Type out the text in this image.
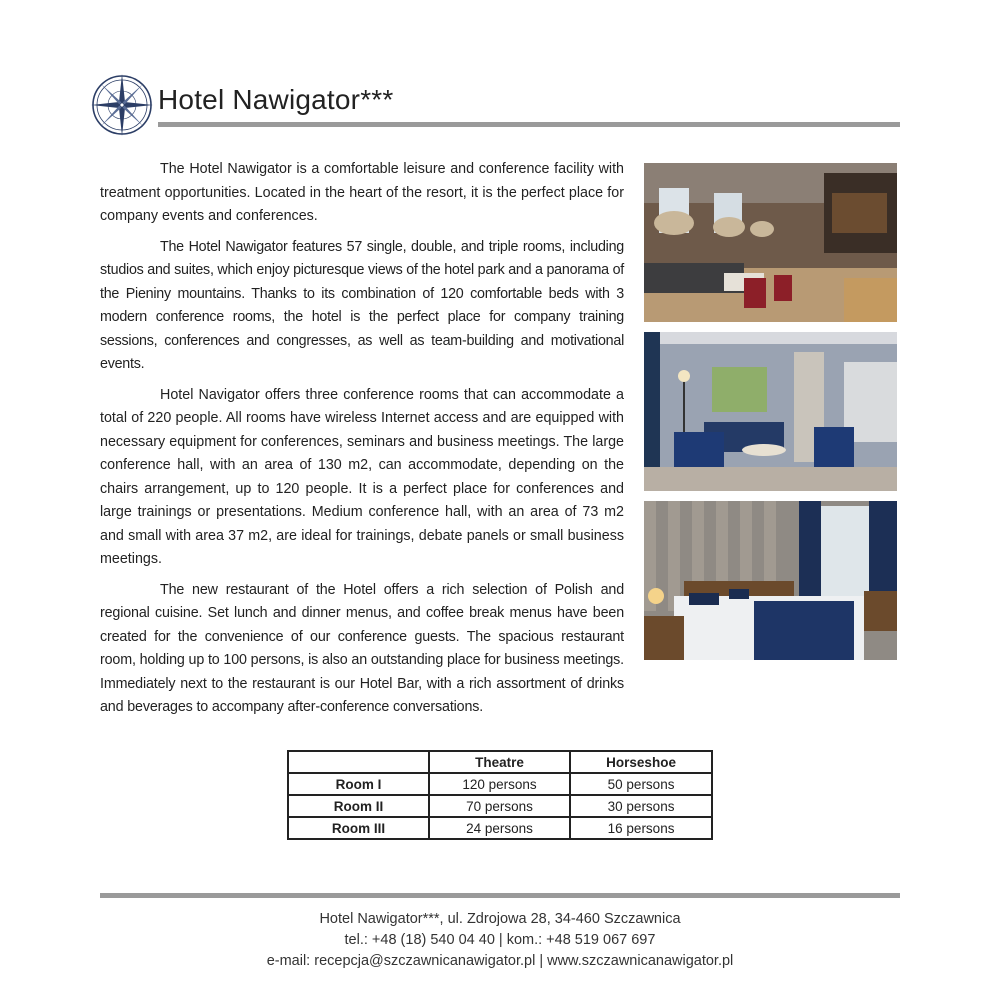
Hotel Nawigator***

The Hotel Nawigator is a comfortable leisure and conference facility with treatment opportunities. Located in the heart of the resort, it is the perfect place for company events and conferences.

The Hotel Nawigator features 57 single, double, and triple rooms, including studios and suites, which enjoy picturesque views of the hotel park and a panorama of the Pieniny mountains. Thanks to its combination of 120 comfortable beds with 3 modern conference rooms, the hotel is the perfect place for company training sessions, conferences and congresses, as well as team-building and motivational events.

Hotel Navigator offers three conference rooms that can accommodate a total of 220 people. All rooms have wireless Internet access and are equipped with necessary equipment for conferences, seminars and business meetings. The large conference hall, with an area of 130 m2, can accommodate, depending on the chairs arrangement, up to 120 people. It is a perfect place for conferences and large trainings or presentations. Medium conference hall, with an area of 73 m2 and small with area 37 m2, are ideal for trainings, debate panels or small business meetings.

The new restaurant of the Hotel offers a rich selection of Polish and regional cuisine. Set lunch and dinner menus, and coffee break menus have been created for the convenience of our conference guests. The spacious restaurant room, holding up to 100 persons, is also an outstanding place for business meetings. Immediately next to the restaurant is our Hotel Bar, with a rich assortment of drinks and beverages to accompany after-conference conversations.

	Theatre	Horseshoe
Room I	120 persons	50 persons
Room II	70 persons	30 persons
Room III	24 persons	16 persons
Hotel Nawigator***, ul. Zdrojowa 28, 34-460 Szczawnica
tel.: +48 (18) 540 04 40 | kom.: +48 519 067 697
e-mail: recepcja@szczawnicanawigator.pl | www.szczawnicanawigator.pl
